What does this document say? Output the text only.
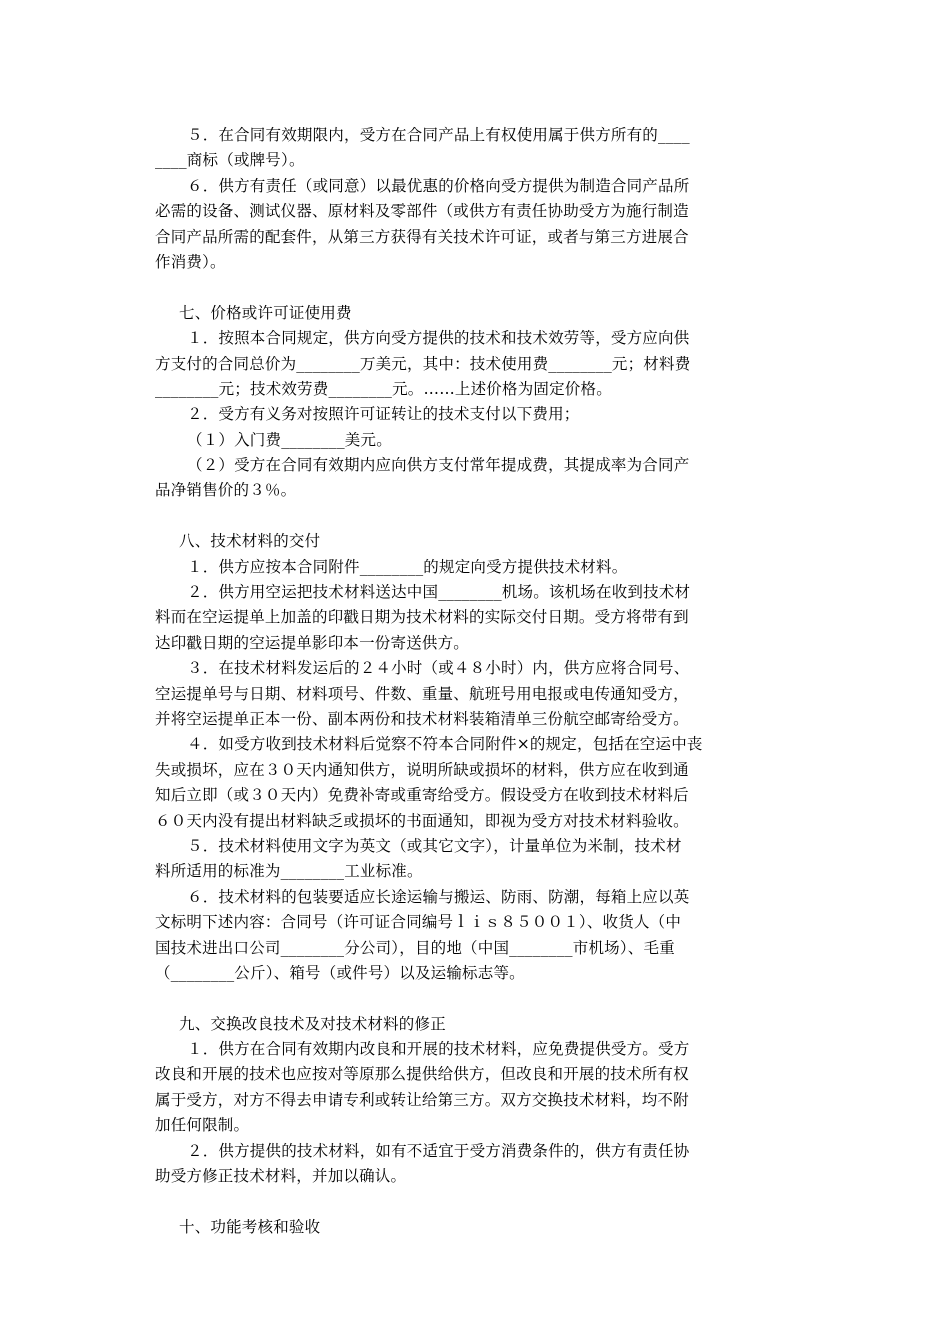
５．在合同有效期限内，受方在合同产品上有权使用属于供方所有的____
____商标（或牌号）。
６．供方有责任（或同意）以最优惠的价格向受方提供为制造合同产品所
必需的设备、测试仪器、原材料及零部件（或供方有责任协助受方为施行制造
合同产品所需的配套件，从第三方获得有关技术许可证，或者与第三方进展合
作消费）。
七、价格或许可证使用费
１．按照本合同规定，供方向受方提供的技术和技术效劳等，受方应向供
方支付的合同总价为________万美元，其中：技术使用费________元；材料费
________元；技术效劳费________元。……上述价格为固定价格。
２．受方有义务对按照许可证转让的技术支付以下费用；
（１）入门费________美元。
（２）受方在合同有效期内应向供方支付常年提成费，其提成率为合同产
品净销售价的３％。
八、技术材料的交付
１．供方应按本合同附件________的规定向受方提供技术材料。
２．供方用空运把技术材料送达中国________机场。该机场在收到技术材
料而在空运提单上加盖的印戳日期为技术材料的实际交付日期。受方将带有到
达印戳日期的空运提单影印本一份寄送供方。
３．在技术材料发运后的２４小时（或４８小时）内，供方应将合同号、
空运提单号与日期、材料项号、件数、重量、航班号用电报或电传通知受方，
并将空运提单正本一份、副本两份和技术材料装箱清单三份航空邮寄给受方。
４．如受方收到技术材料后觉察不符本合同附件×的规定，包括在空运中丧
失或损坏，应在３０天内通知供方，说明所缺或损坏的材料，供方应在收到通
知后立即（或３０天内）免费补寄或重寄给受方。假设受方在收到技术材料后
６０天内没有提出材料缺乏或损坏的书面通知，即视为受方对技术材料验收。
５．技术材料使用文字为英文（或其它文字），计量单位为米制，技术材
料所适用的标准为________工业标准。
６．技术材料的包装要适应长途运输与搬运、防雨、防潮，每箱上应以英
文标明下述内容：合同号（许可证合同编号ｌｉｓ８５００１）、收货人（中
国技术进出口公司________分公司），目的地（中国________市机场）、毛重
（________公斤）、箱号（或件号）以及运输标志等。
九、交换改良技术及对技术材料的修正
１．供方在合同有效期内改良和开展的技术材料，应免费提供受方。受方
改良和开展的技术也应按对等原那么提供给供方，但改良和开展的技术所有权
属于受方，对方不得去申请专利或转让给第三方。双方交换技术材料，均不附
加任何限制。
２．供方提供的技术材料，如有不适宜于受方消费条件的，供方有责任协
助受方修正技术材料，并加以确认。
十、功能考核和验收
